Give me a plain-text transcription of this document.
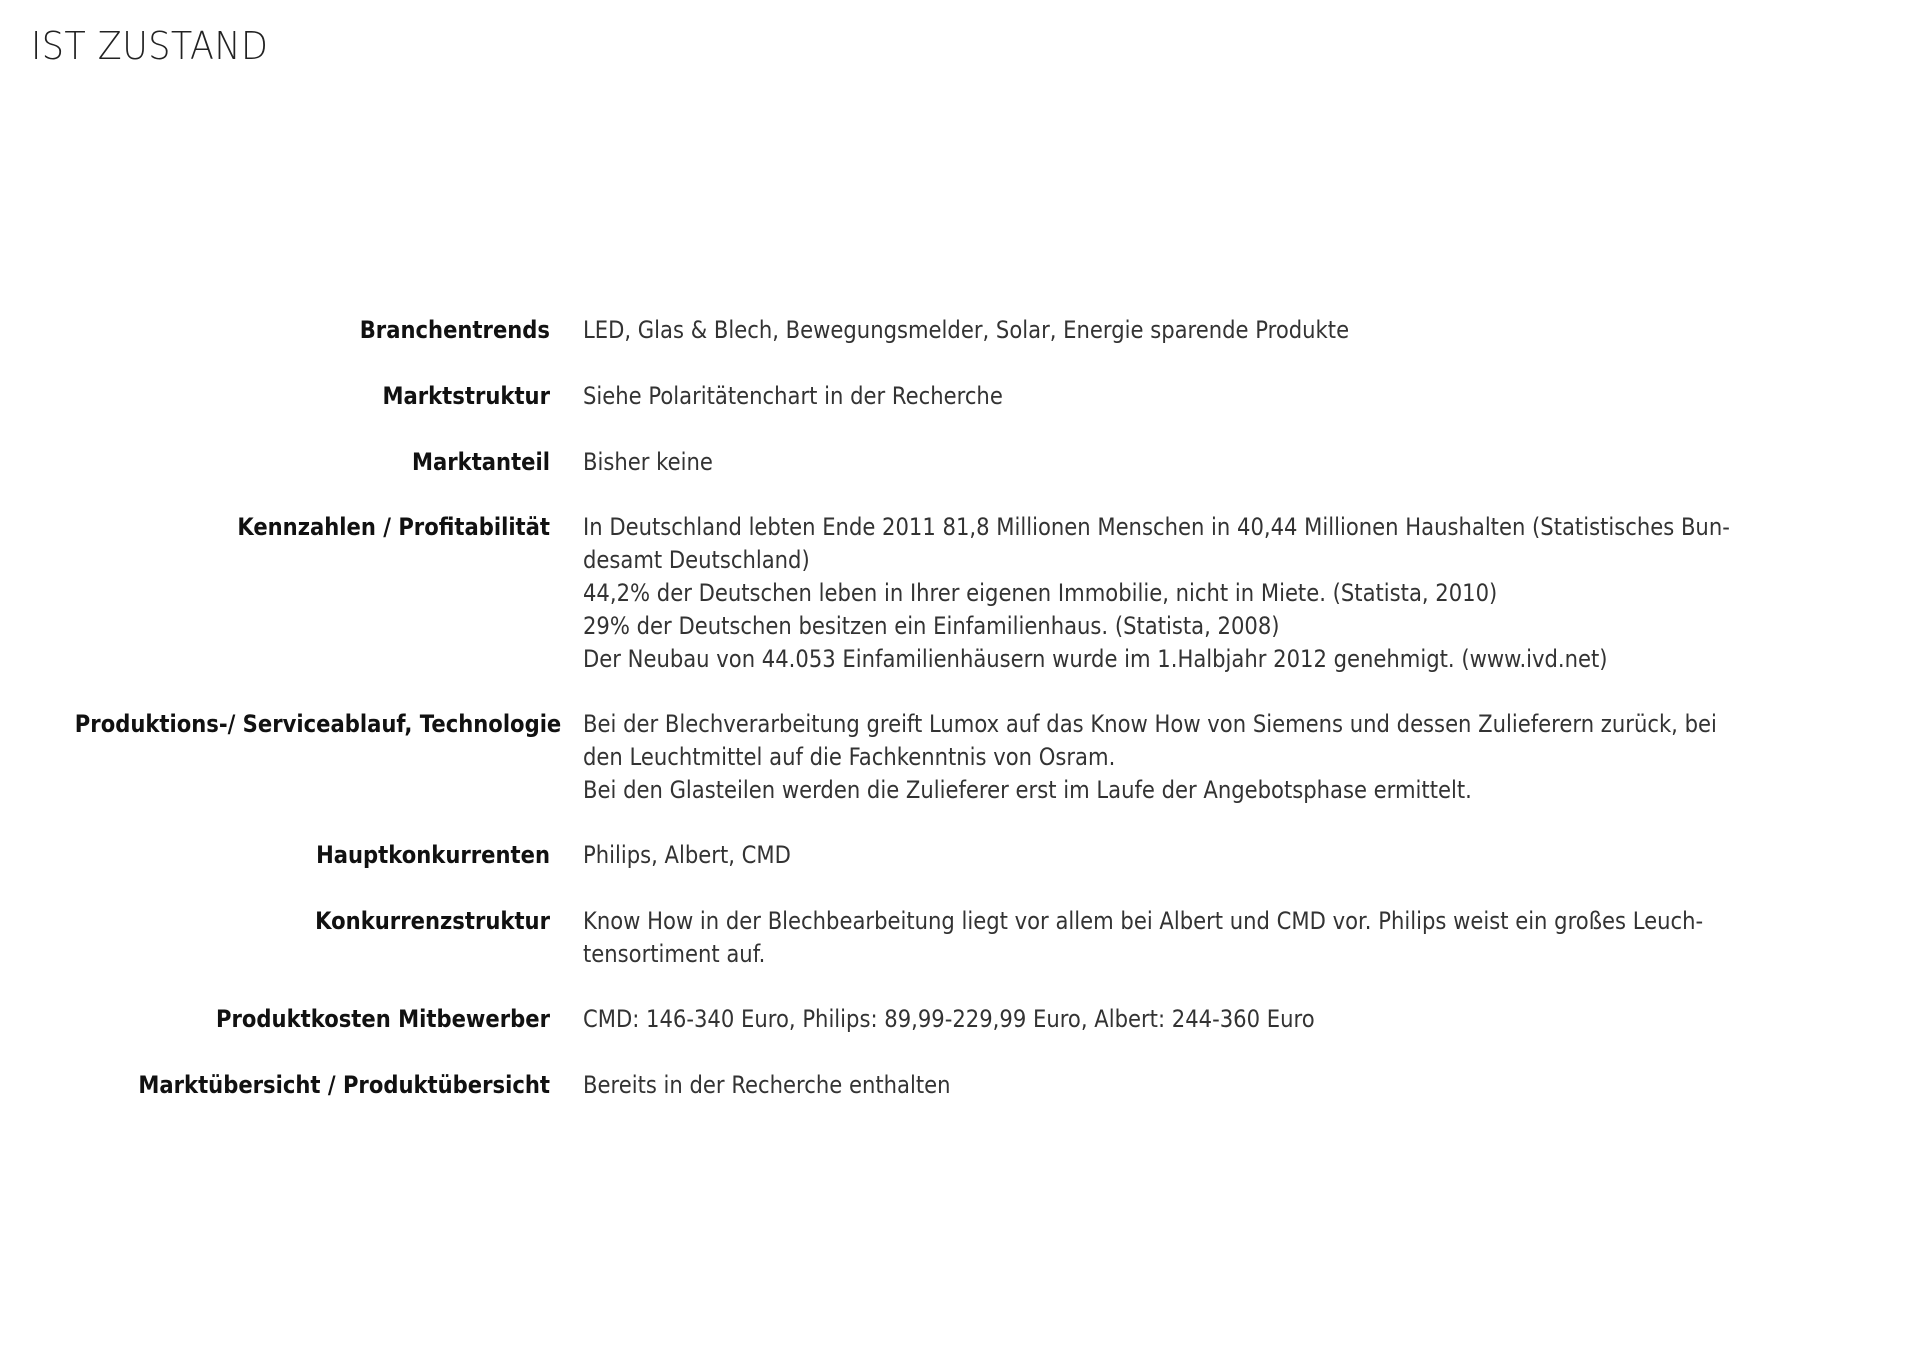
IST ZUSTAND
Branchentrends LED, Glas & Blech, Bewegungsmelder, Solar, Energie sparende Produkte
Marktstruktur Siehe Polaritätenchart in der Recherche
Marktanteil Bisher keine
Kennzahlen / Profitabilität In Deutschland lebten Ende 2011 81,8 Millionen Menschen in 40,44 Millionen Haushalten (Statistisches Bun-
desamt Deutschland)
44,2% der Deutschen leben in Ihrer eigenen Immobilie, nicht in Miete. (Statista, 2010)
29% der Deutschen besitzen ein Einfamilienhaus. (Statista, 2008)
Der Neubau von 44.053 Einfamilienhäusern wurde im 1.Halbjahr 2012 genehmigt. (www.ivd.net)
Produktions-/ Serviceablauf, Technologie Bei der Blechverarbeitung greift Lumox auf das Know How von Siemens und dessen Zulieferern zurück, bei
den Leuchtmittel auf die Fachkenntnis von Osram.
Bei den Glasteilen werden die Zulieferer erst im Laufe der Angebotsphase ermittelt.
Hauptkonkurrenten Philips, Albert, CMD
Konkurrenzstruktur Know How in der Blechbearbeitung liegt vor allem bei Albert und CMD vor. Philips weist ein großes Leuch-
tensortiment auf.
Produktkosten Mitbewerber CMD: 146-340 Euro, Philips: 89,99-229,99 Euro, Albert: 244-360 Euro
Marktübersicht / Produktübersicht Bereits in der Recherche enthalten
